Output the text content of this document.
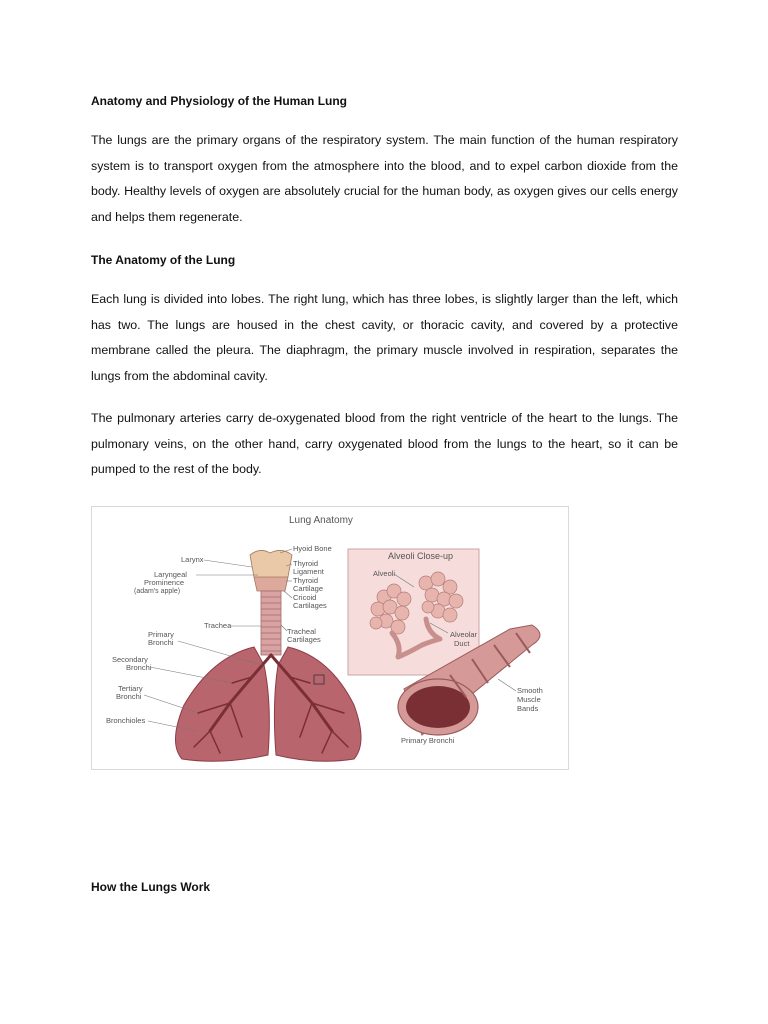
Anatomy and Physiology of the Human Lung

The lungs are the primary organs of the respiratory system. The main function of the human respiratory system is to transport oxygen from the atmosphere into the blood, and to expel carbon dioxide from the body. Healthy levels of oxygen are absolutely crucial for the human body, as oxygen gives our cells energy and helps them regenerate.

The Anatomy of the Lung

Each lung is divided into lobes. The right lung, which has three lobes, is slightly larger than the left, which has two. The lungs are housed in the chest cavity, or thoracic cavity, and covered by a protective membrane called the pleura. The diaphragm, the primary muscle involved in respiration, separates the lungs from the abdominal cavity.

The pulmonary arteries carry de-oxygenated blood from the right ventricle of the heart to the lungs. The pulmonary veins, on the other hand, carry oxygenated blood from the lungs to the heart, so it can be pumped to the rest of the body.

Lung Anatomy
Alveoli Close-up
Alveoli
Alveolar
Duct
Smooth
Muscle
Bands
Primary Bronchi
Larynx
Laryngeal
Prominence
(adam's apple)
Trachea
Primary
Bronchi
Secondary
Bronchi
Tertiary
Bronchi
Bronchioles
Hyoid Bone
Thyroid
Ligament
Thyroid
Cartilage
Cricoid
Cartilages
Tracheal
Cartilages
How the Lungs Work
